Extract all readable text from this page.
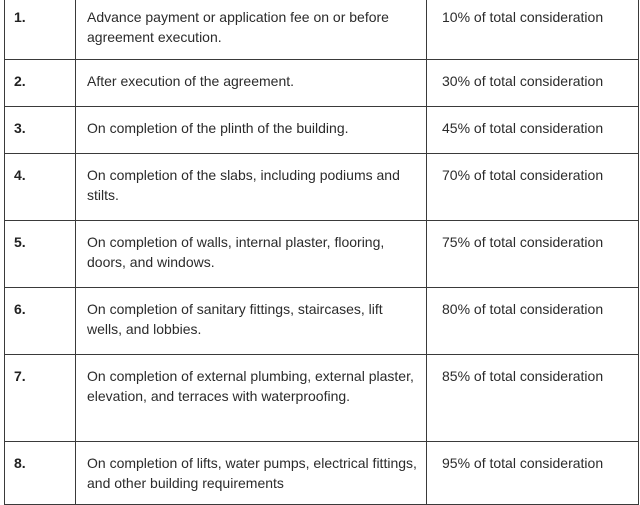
1.	Advance payment or application fee on or before agreement execution.	10% of total consideration
2.	After execution of the agreement.	30% of total consideration
3.	On completion of the plinth of the building.	45% of total consideration
4.	On completion of the slabs, including podiums and stilts.	70% of total consideration
5.	On completion of walls, internal plaster, flooring, doors, and windows.	75% of total consideration
6.	On completion of sanitary fittings, staircases, lift wells, and lobbies.	80% of total consideration
7.	On completion of external plumbing, external plaster, elevation, and terraces with waterproofing.	85% of total consideration
8.	On completion of lifts, water pumps, electrical fittings, and other building requirements	95% of total consideration
